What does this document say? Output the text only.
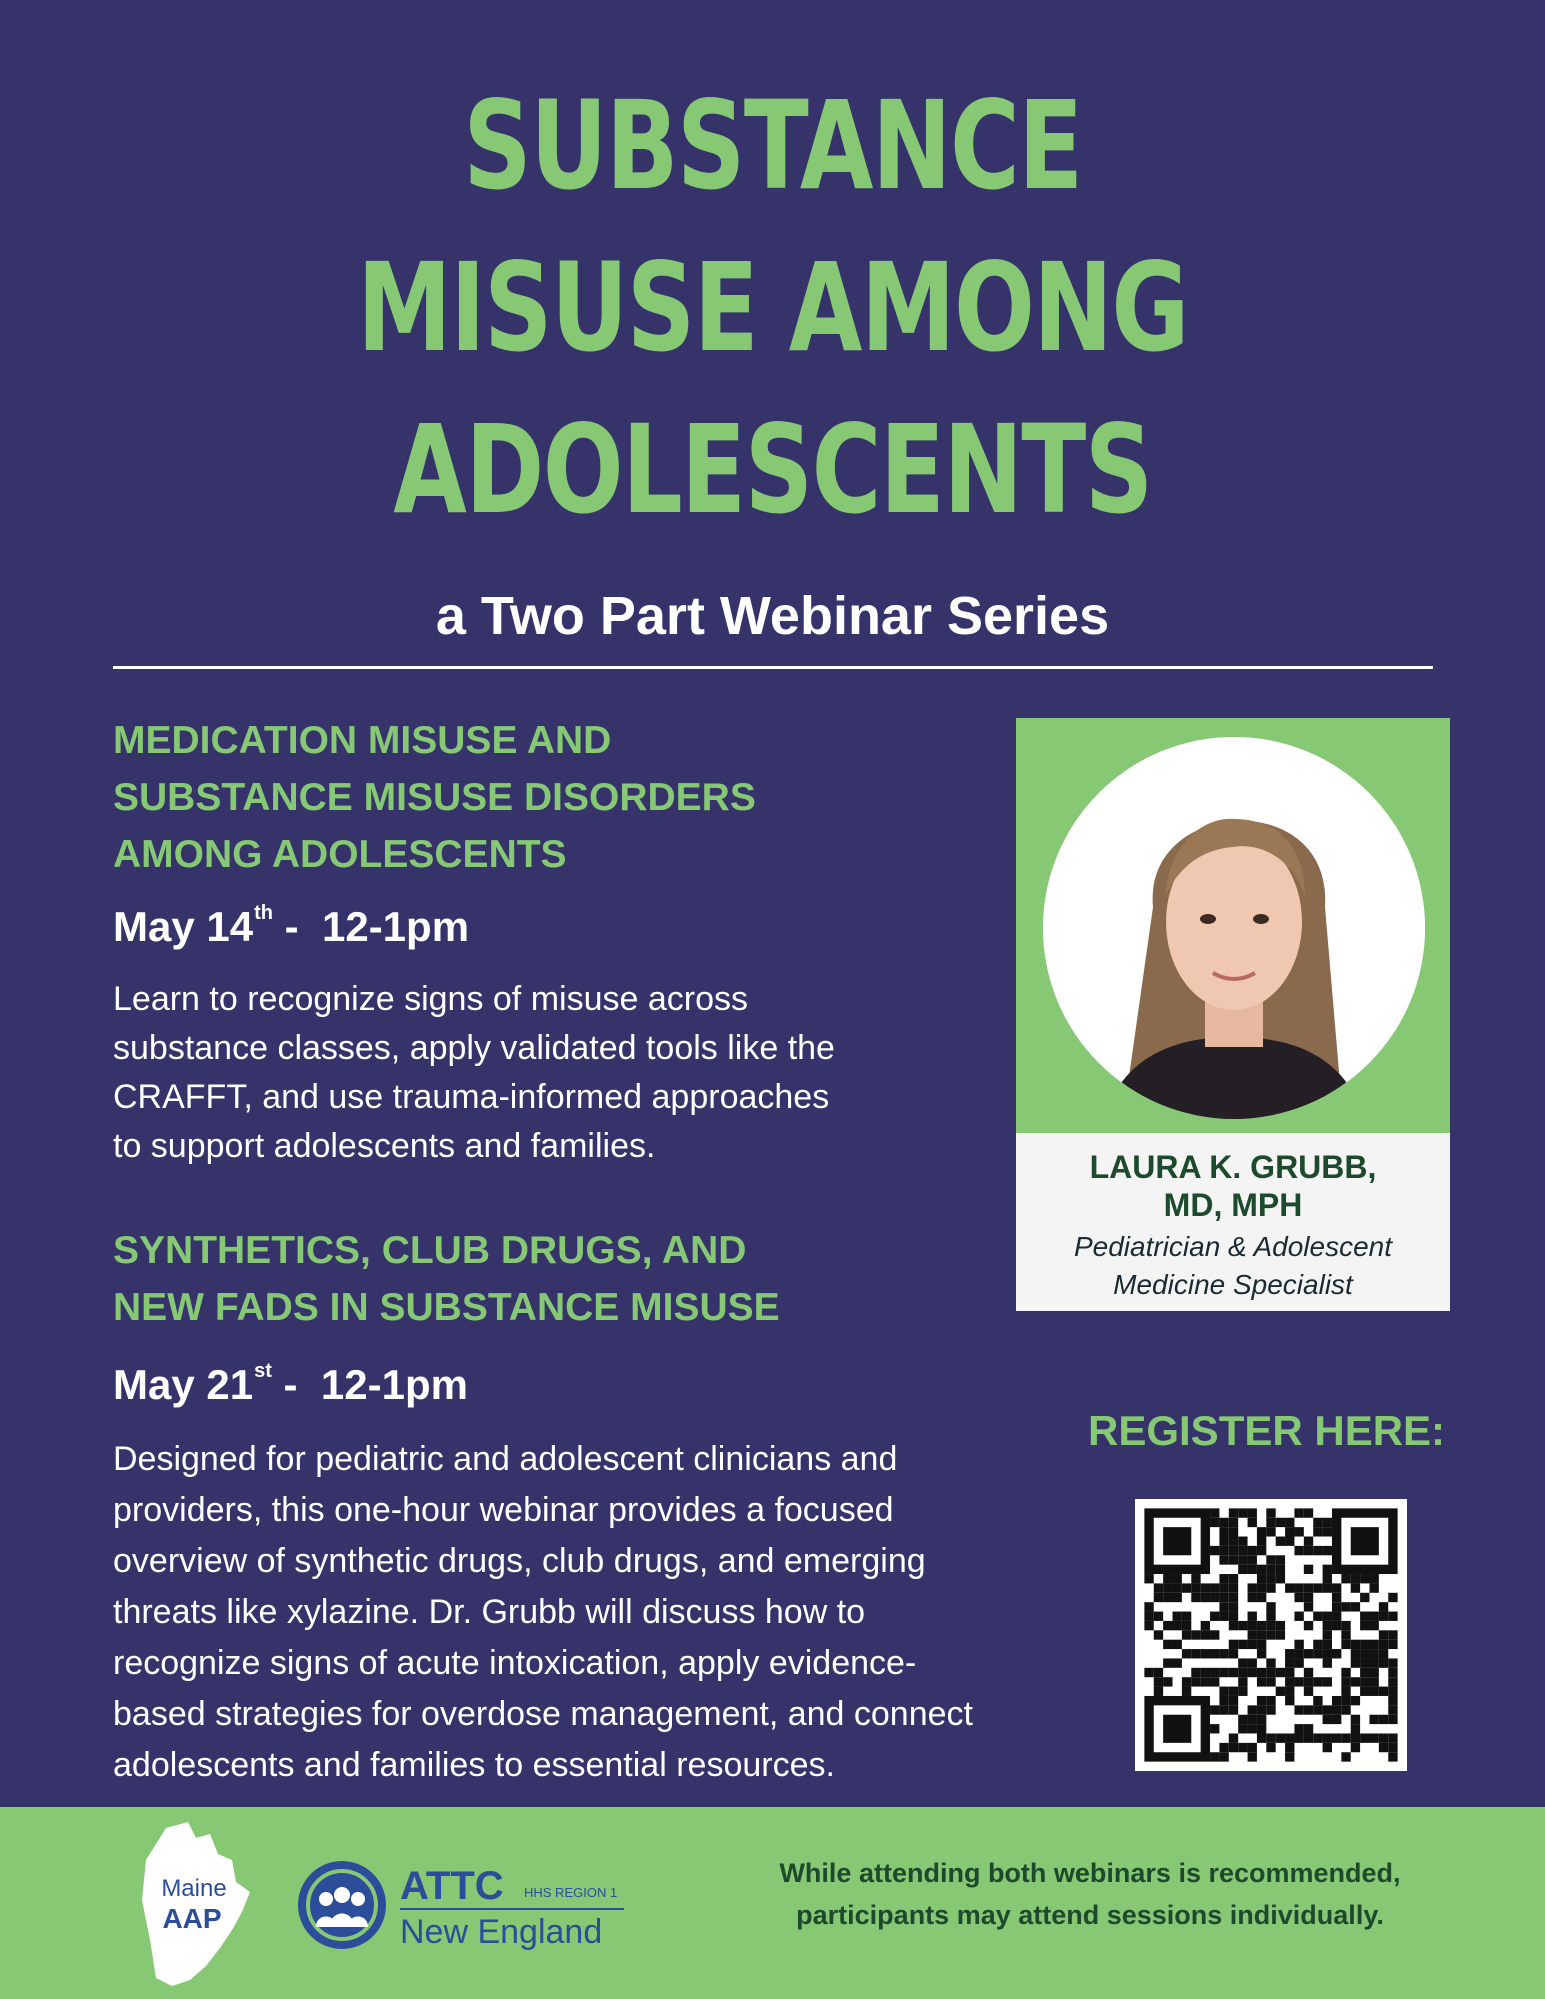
SUBSTANCE
MISUSE AMONG
ADOLESCENTS
a Two Part Webinar Series
MEDICATION MISUSE AND
SUBSTANCE MISUSE DISORDERS
AMONG ADOLESCENTS
May 14th -  12-1pm
Learn to recognize signs of misuse across
substance classes, apply validated tools like the
CRAFFT, and use trauma-informed approaches
to support adolescents and families.
SYNTHETICS, CLUB DRUGS, AND
NEW FADS IN SUBSTANCE MISUSE
May 21st -  12-1pm
Designed for pediatric and adolescent clinicians and
providers, this one-hour webinar provides a focused
overview of synthetic drugs, club drugs, and emerging
threats like xylazine. Dr. Grubb will discuss how to
recognize signs of acute intoxication, apply evidence-
based strategies for overdose management, and connect
adolescents and families to essential resources.
LAURA K. GRUBB,
MD, MPH
Pediatrician & Adolescent
Medicine Specialist
REGISTER HERE:
Maine
AAP
ATTC HHS REGION 1
New England
While attending both webinars is recommended,
participants may attend sessions individually.
